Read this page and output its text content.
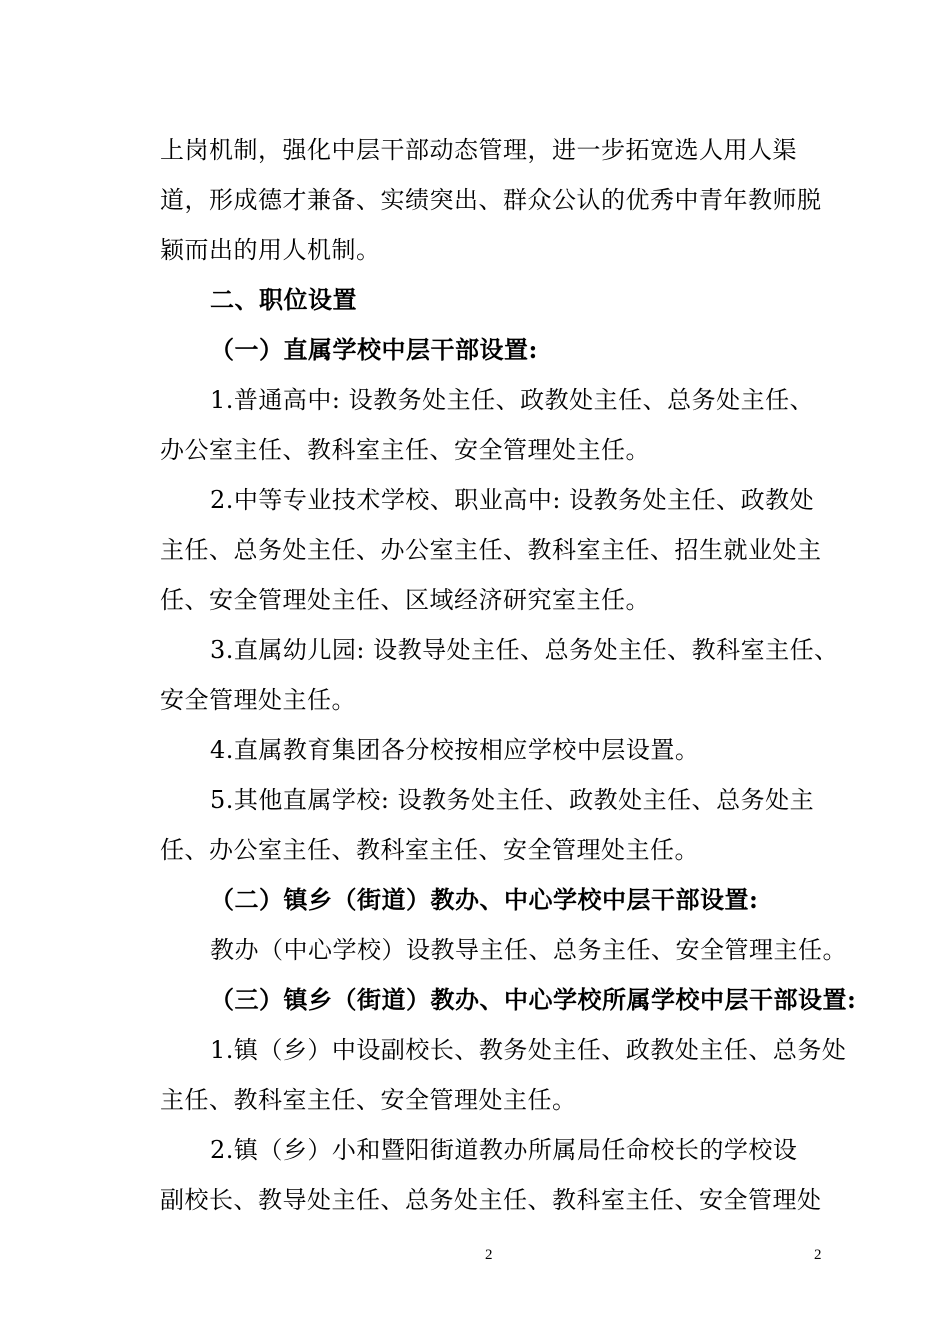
上岗机制，强化中层干部动态管理，进一步拓宽选人用人渠
道，形成德才兼备、实绩突出、群众公认的优秀中青年教师脱
颖而出的用人机制。
二、职位设置
（一）直属学校中层干部设置:
1.普通高中: 设教务处主任、政教处主任、总务处主任、
办公室主任、教科室主任、安全管理处主任。
2.中等专业技术学校、职业高中: 设教务处主任、政教处
主任、总务处主任、办公室主任、教科室主任、招生就业处主
任、安全管理处主任、区域经济研究室主任。
3.直属幼儿园: 设教导处主任、总务处主任、教科室主任、
安全管理处主任。
4.直属教育集团各分校按相应学校中层设置。
5.其他直属学校: 设教务处主任、政教处主任、总务处主
任、办公室主任、教科室主任、安全管理处主任。
（二）镇乡（街道）教办、中心学校中层干部设置:
教办（中心学校）设教导主任、总务主任、安全管理主任。
（三）镇乡（街道）教办、中心学校所属学校中层干部设置:
1.镇（乡）中设副校长、教务处主任、政教处主任、总务处
主任、教科室主任、安全管理处主任。
2.镇（乡）小和暨阳街道教办所属局任命校长的学校设
副校长、教导处主任、总务处主任、教科室主任、安全管理处
2	2
